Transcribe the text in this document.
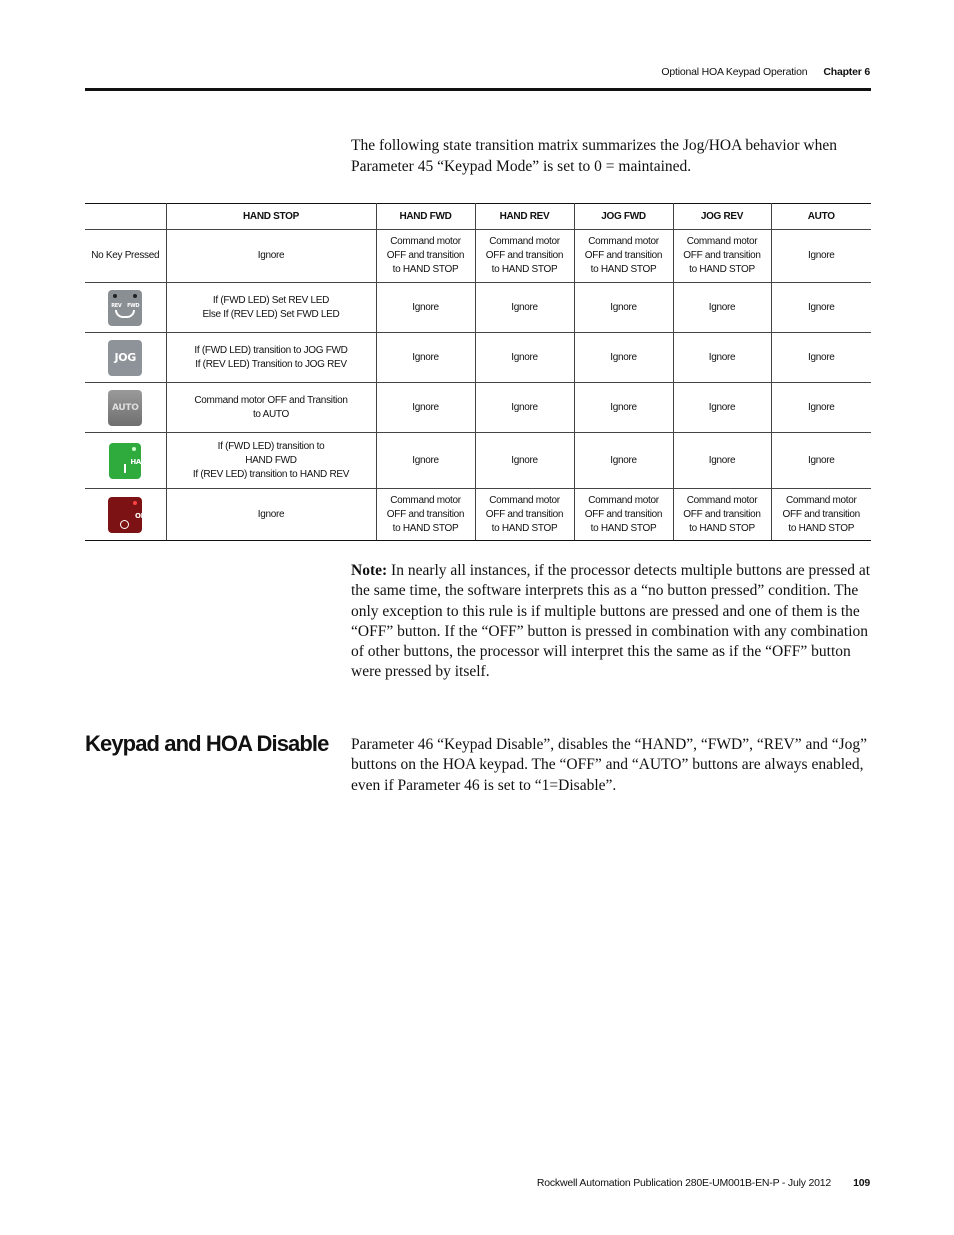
Optional HOA Keypad Operation Chapter 6

The following state transition matrix summarizes the Jog/HOA behavior when Parameter 45 “Keypad Mode” is set to 0 = maintained.

	HAND STOP	HAND FWD	HAND REV	JOG FWD	JOG REV	AUTO
No Key Pressed	Ignore	Command motor
OFF and transition
to HAND STOP	Command motor
OFF and transition
to HAND STOP	Command motor
OFF and transition
to HAND STOP	Command motor
OFF and transition
to HAND STOP	Ignore

REV FWD	If (FWD LED) Set REV LED
Else If (REV LED) Set FWD LED	Ignore	Ignore	Ignore	Ignore	Ignore

JOG	If (FWD LED) transition to JOG FWD
If (REV LED) Transition to JOG REV	Ignore	Ignore	Ignore	Ignore	Ignore

AUTO	Command motor OFF and Transition
to AUTO	Ignore	Ignore	Ignore	Ignore	Ignore

HAND	If (FWD LED) transition to
HAND FWD
If (REV LED) transition to HAND REV	Ignore	Ignore	Ignore	Ignore	Ignore

OFF	Ignore	Command motor
OFF and transition
to HAND STOP	Command motor
OFF and transition
to HAND STOP	Command motor
OFF and transition
to HAND STOP	Command motor
OFF and transition
to HAND STOP	Command motor
OFF and transition
to HAND STOP

Note: In nearly all instances, if the processor detects multiple buttons are pressed at the same time, the software interprets this as a “no button pressed” condition. The only exception to this rule is if multiple buttons are pressed and one of them is the “OFF” button. If the “OFF” button is pressed in combination with any combination of other buttons, the processor will interpret this the same as if the “OFF” button were pressed by itself.

Keypad and HOA Disable Parameter 46 “Keypad Disable”, disables the “HAND”, “FWD”, “REV” and “Jog” buttons on the HOA keypad. The “OFF” and “AUTO” buttons are always enabled, even if Parameter 46 is set to “1=Disable”.

Rockwell Automation Publication 280E-UM001B-EN-P - July 2012 109
